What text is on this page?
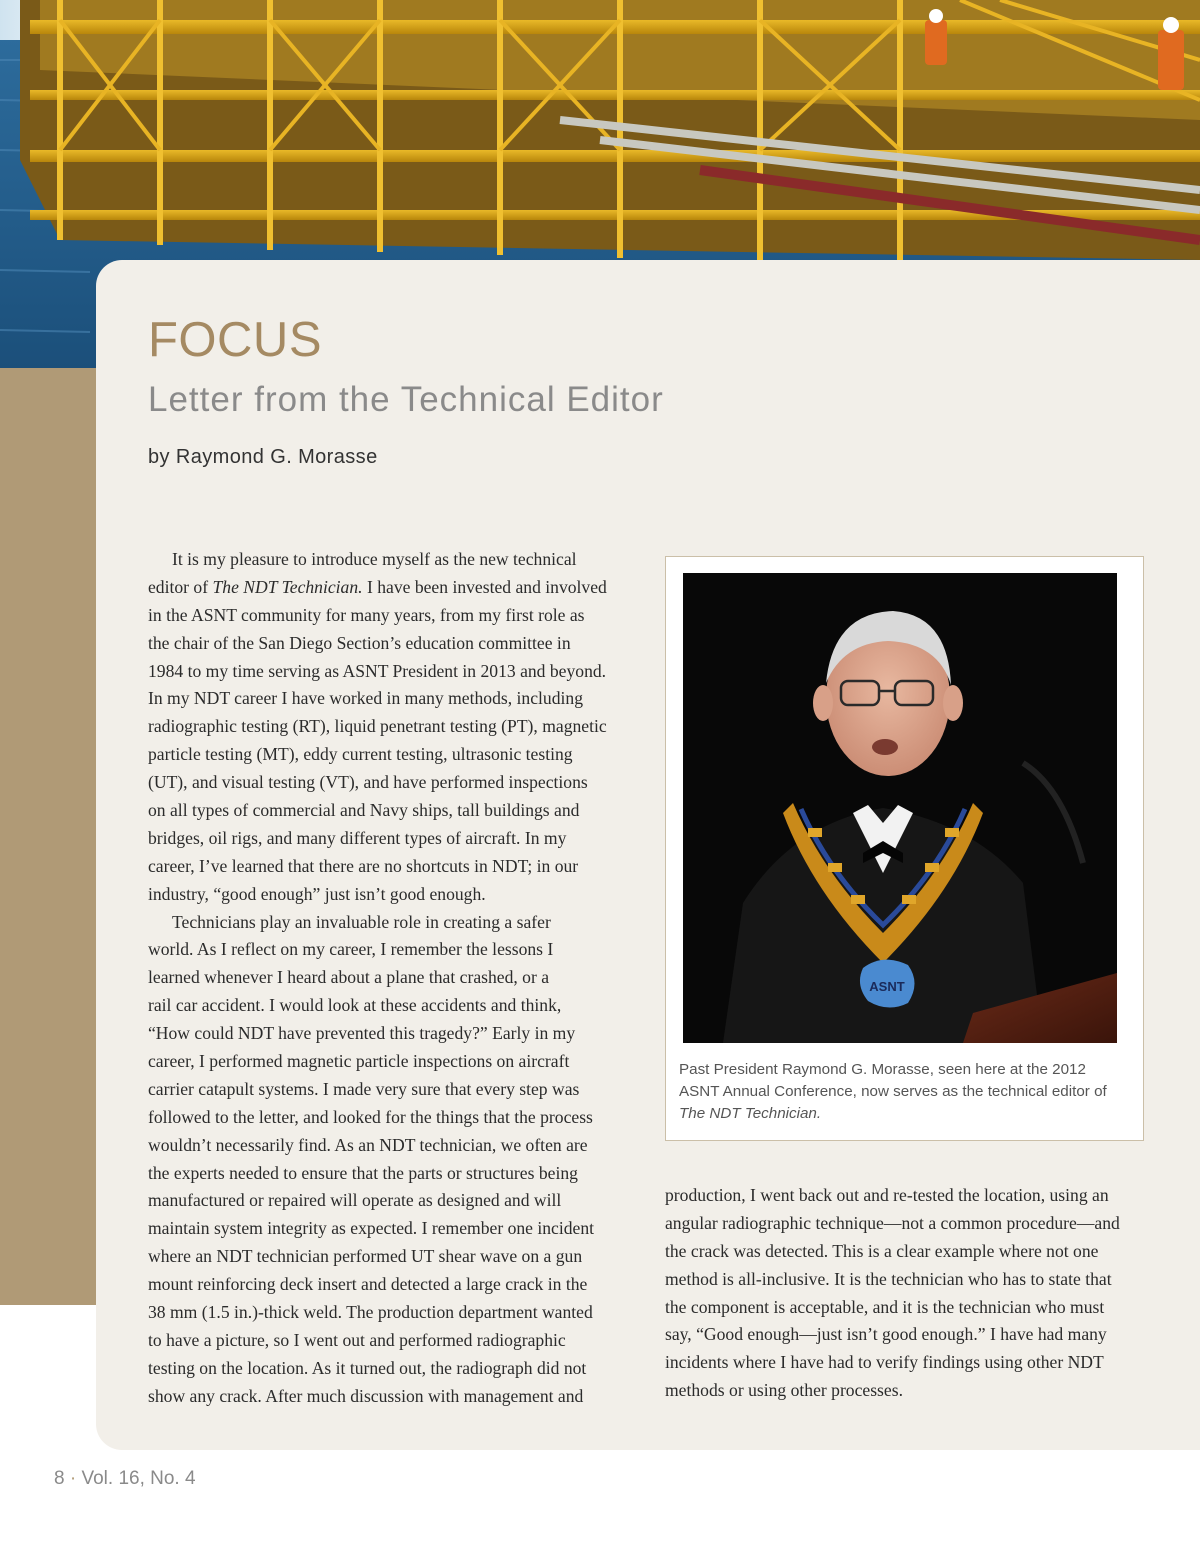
FOCUS
Letter from the Technical Editor

by Raymond G. Morasse

It is my pleasure to introduce myself as the new technical
editor of The NDT Technician. I have been invested and involved
in the ASNT community for many years, from my first role as
the chair of the San Diego Section’s education committee in
1984 to my time serving as ASNT President in 2013 and beyond.
In my NDT career I have worked in many methods, including
radiographic testing (RT), liquid penetrant testing (PT), magnetic
particle testing (MT), eddy current testing, ultrasonic testing
(UT), and visual testing (VT), and have performed inspections
on all types of commercial and Navy ships, tall buildings and
bridges, oil rigs, and many different types of aircraft. In my
career, I’ve learned that there are no shortcuts in NDT; in our
industry, “good enough” just isn’t good enough.
Technicians play an invaluable role in creating a safer
world. As I reflect on my career, I remember the lessons I
learned whenever I heard about a plane that crashed, or a
rail car accident. I would look at these accidents and think,
“How could NDT have prevented this tragedy?” Early in my
career, I performed magnetic particle inspections on aircraft
carrier catapult systems. I made very sure that every step was
followed to the letter, and looked for the things that the process
wouldn’t necessarily find. As an NDT technician, we often are
the experts needed to ensure that the parts or structures being
manufactured or repaired will operate as designed and will
maintain system integrity as expected. I remember one incident
where an NDT technician performed UT shear wave on a gun
mount reinforcing deck insert and detected a large crack in the
38 mm (1.5 in.)-thick weld. The production department wanted
to have a picture, so I went out and performed radiographic
testing on the location. As it turned out, the radiograph did not
show any crack. After much discussion with management and
ASNT

Past President Raymond G. Morasse, seen here at the 2012
ASNT Annual Conference, now serves as the technical editor of
The NDT Technician.

production, I went back out and re-tested the location, using an
angular radiographic technique—not a common procedure—and
the crack was detected. This is a clear example where not one
method is all-inclusive. It is the technician who has to state that
the component is acceptable, and it is the technician who must
say, “Good enough—just isn’t good enough.” I have had many
incidents where I have had to verify findings using other NDT
methods or using other processes.
8 · Vol. 16, No. 4
